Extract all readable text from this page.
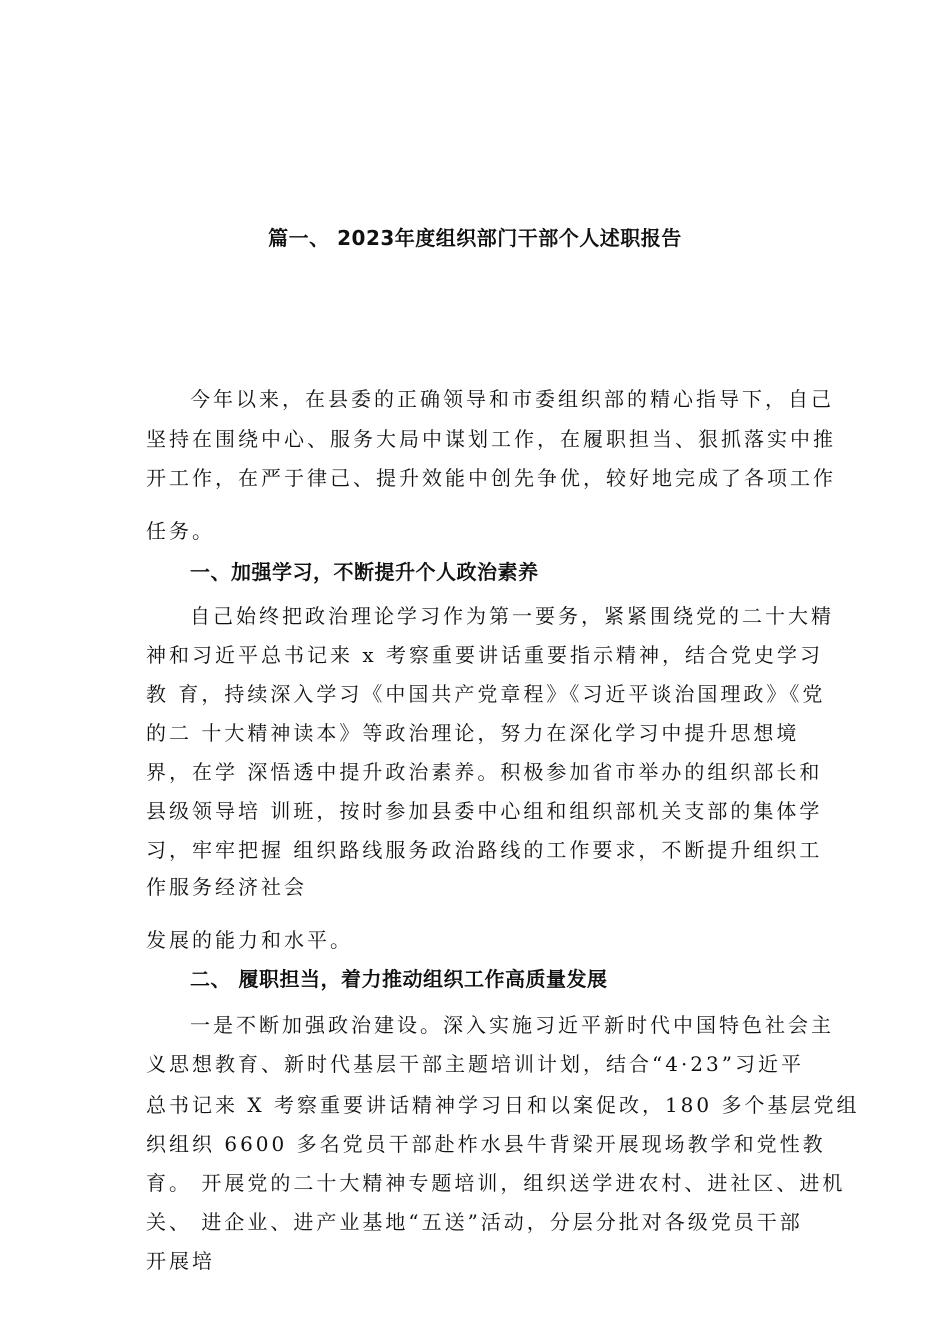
篇一、 2023年度组织部门干部个人述职报告
今年以来，在县委的正确领导和市委组织部的精心指导下，自己
坚持在围绕中心、服务大局中谋划工作，在履职担当、狠抓落实中推
开工作，在严于律己、提升效能中创先争优，较好地完成了各项工作
任务。
一、加强学习，不断提升个人政治素养
自己始终把政治理论学习作为第一要务，紧紧围绕党的二十大精
神和习近平总书记来 x 考察重要讲话重要指示精神，结合党史学习
教 育，持续深入学习《中国共产党章程》《习近平谈治国理政》《党
的二 十大精神读本》等政治理论，努力在深化学习中提升思想境
界，在学 深悟透中提升政治素养。积极参加省市举办的组织部长和
县级领导培 训班，按时参加县委中心组和组织部机关支部的集体学
习，牢牢把握 组织路线服务政治路线的工作要求，不断提升组织工
作服务经济社会
发展的能力和水平。
二、 履职担当，着力推动组织工作高质量发展
一是不断加强政治建设。深入实施习近平新时代中国特色社会主
义思想教育、新时代基层干部主题培训计划，结合“4·23”习近平
总书记来 X 考察重要讲话精神学习日和以案促改，180 多个基层党组
织组织 6600 多名党员干部赴柞水县牛背梁开展现场教学和党性教
育。 开展党的二十大精神专题培训，组织送学进农村、进社区、进机
关、 进企业、进产业基地“五送”活动，分层分批对各级党员干部
开展培
